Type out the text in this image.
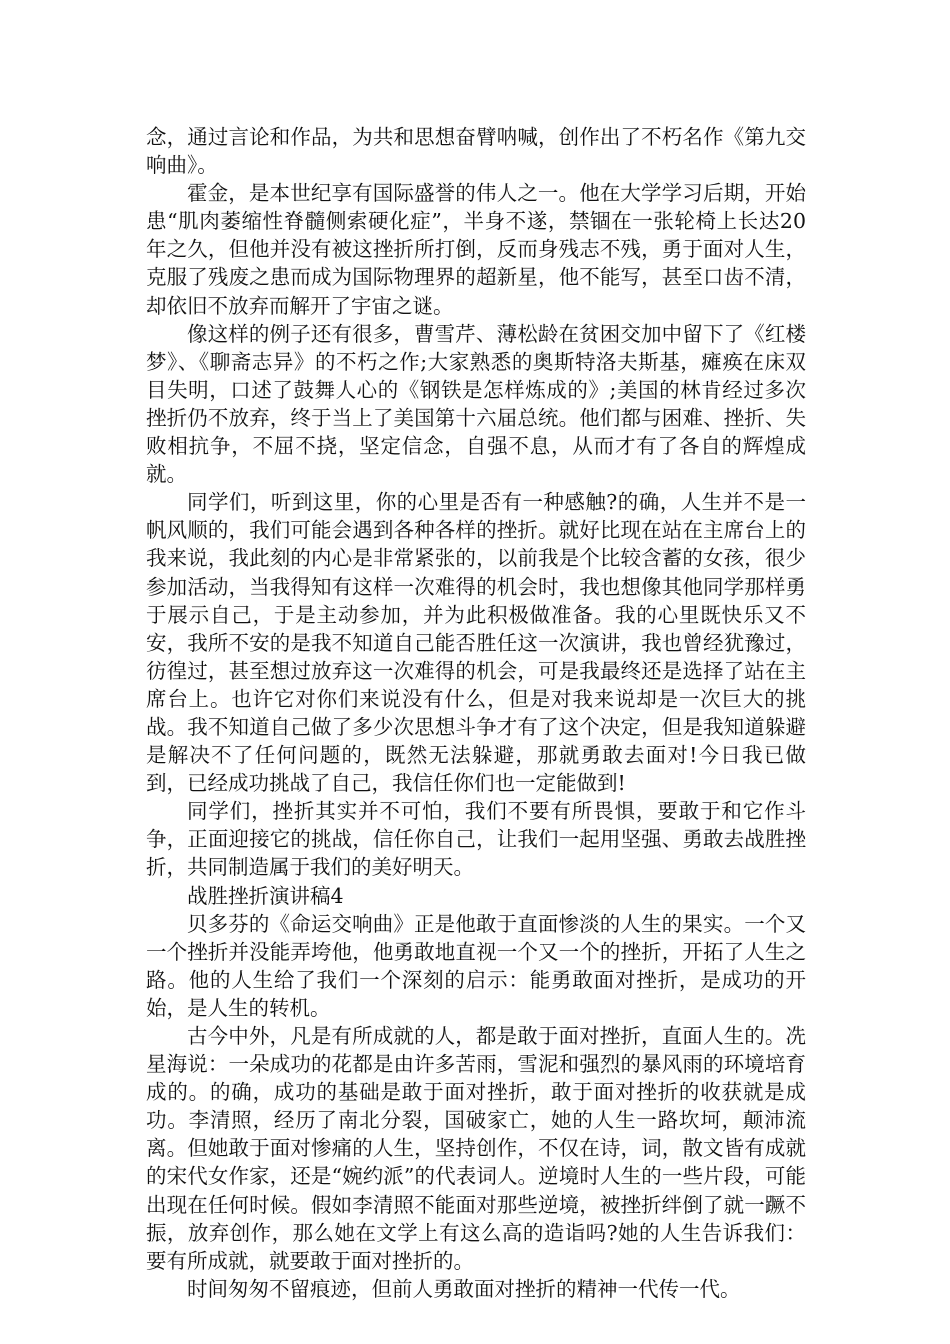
念，通过言论和作品，为共和思想奋臂呐喊，创作出了不朽名作《第九交响曲》。

霍金，是本世纪享有国际盛誉的伟人之一。他在大学学习后期，开始患“肌肉萎缩性脊髓侧索硬化症”，半身不遂，禁锢在一张轮椅上长达20年之久，但他并没有被这挫折所打倒，反而身残志不残，勇于面对人生，克服了残废之患而成为国际物理界的超新星，他不能写，甚至口齿不清，却依旧不放弃而解开了宇宙之谜。

像这样的例子还有很多，曹雪芹、薄松龄在贫困交加中留下了《红楼梦》、《聊斋志异》的不朽之作;大家熟悉的奥斯特洛夫斯基，瘫痪在床双目失明，口述了鼓舞人心的《钢铁是怎样炼成的》;美国的林肯经过多次挫折仍不放弃，终于当上了美国第十六届总统。他们都与困难、挫折、失败相抗争，不屈不挠，坚定信念，自强不息，从而才有了各自的辉煌成就。

同学们，听到这里，你的心里是否有一种感触?的确，人生并不是一帆风顺的，我们可能会遇到各种各样的挫折。就好比现在站在主席台上的我来说，我此刻的内心是非常紧张的，以前我是个比较含蓄的女孩，很少参加活动，当我得知有这样一次难得的机会时，我也想像其他同学那样勇于展示自己，于是主动参加，并为此积极做准备。我的心里既快乐又不安，我所不安的是我不知道自己能否胜任这一次演讲，我也曾经犹豫过，彷徨过，甚至想过放弃这一次难得的机会，可是我最终还是选择了站在主席台上。也许它对你们来说没有什么，但是对我来说却是一次巨大的挑战。我不知道自己做了多少次思想斗争才有了这个决定，但是我知道躲避是解决不了任何问题的，既然无法躲避，那就勇敢去面对!今日我已做到，已经成功挑战了自己，我信任你们也一定能做到!

同学们，挫折其实并不可怕，我们不要有所畏惧，要敢于和它作斗争，正面迎接它的挑战，信任你自己，让我们一起用坚强、勇敢去战胜挫折，共同制造属于我们的美好明天。

战胜挫折演讲稿4

贝多芬的《命运交响曲》正是他敢于直面惨淡的人生的果实。一个又一个挫折并没能弄垮他，他勇敢地直视一个又一个的挫折，开拓了人生之路。他的人生给了我们一个深刻的启示：能勇敢面对挫折，是成功的开始，是人生的转机。

古今中外，凡是有所成就的人，都是敢于面对挫折，直面人生的。冼星海说：一朵成功的花都是由许多苦雨，雪泥和强烈的暴风雨的环境培育成的。的确，成功的基础是敢于面对挫折，敢于面对挫折的收获就是成功。李清照，经历了南北分裂，国破家亡，她的人生一路坎坷，颠沛流离。但她敢于面对惨痛的人生，坚持创作，不仅在诗，词，散文皆有成就的宋代女作家，还是“婉约派”的代表词人。逆境时人生的一些片段，可能出现在任何时候。假如李清照不能面对那些逆境，被挫折绊倒了就一蹶不振，放弃创作，那么她在文学上有这么高的造诣吗?她的人生告诉我们：要有所成就，就要敢于面对挫折的。

时间匆匆不留痕迹，但前人勇敢面对挫折的精神一代传一代。
